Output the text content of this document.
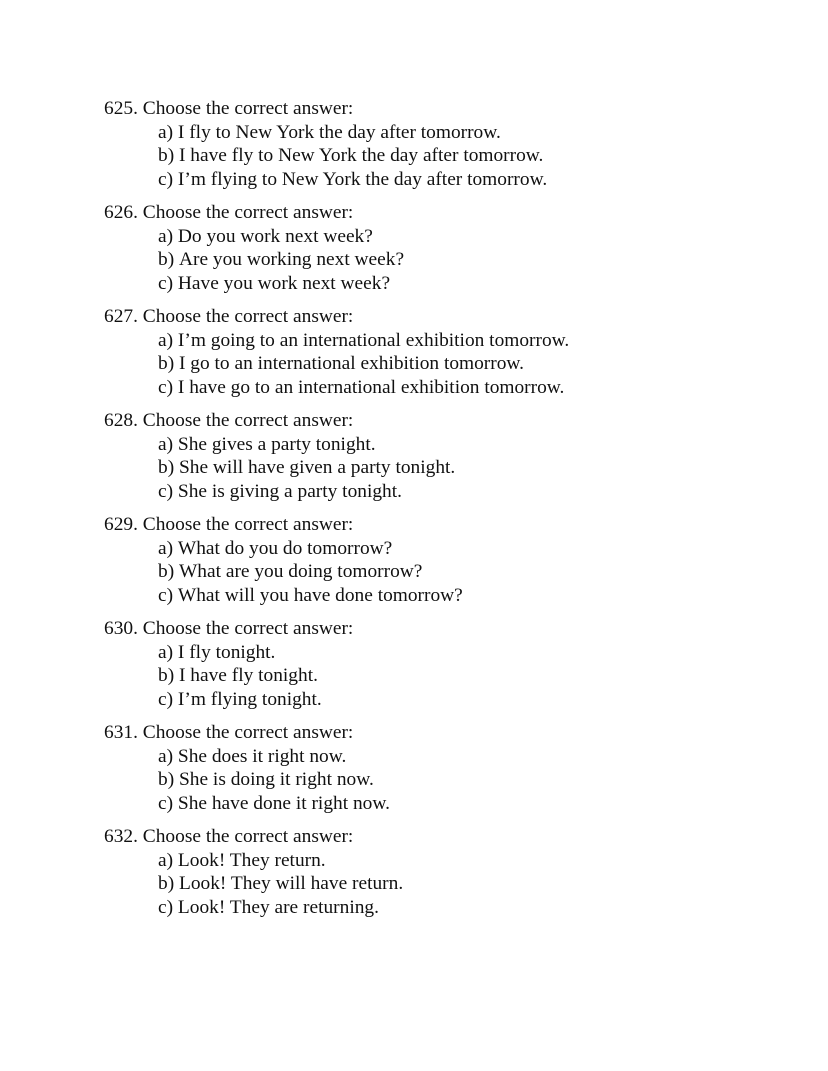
625. Choose the correct answer:
a) I fly to New York the day after tomorrow.
b) I have fly to New York the day after tomorrow.
c) I’m flying to New York the day after tomorrow.
626. Choose the correct answer:
a) Do you work next week?
b) Are you working next week?
c) Have you work next week?
627. Choose the correct answer:
a) I’m going to an international exhibition tomorrow.
b) I go to an international exhibition tomorrow.
c) I have go to an international exhibition tomorrow.
628. Choose the correct answer:
a) She gives a party tonight.
b) She will have given a party tonight.
c) She is giving a party tonight.
629. Choose the correct answer:
a) What do you do tomorrow?
b) What are you doing tomorrow?
c) What will you have done tomorrow?
630. Choose the correct answer:
a) I fly tonight.
b) I have fly tonight.
c) I’m flying tonight.
631. Choose the correct answer:
a) She does it right now.
b) She is doing it right now.
c) She have done it right now.
632. Choose the correct answer:
a) Look! They return.
b) Look! They will have return.
c) Look! They are returning.
